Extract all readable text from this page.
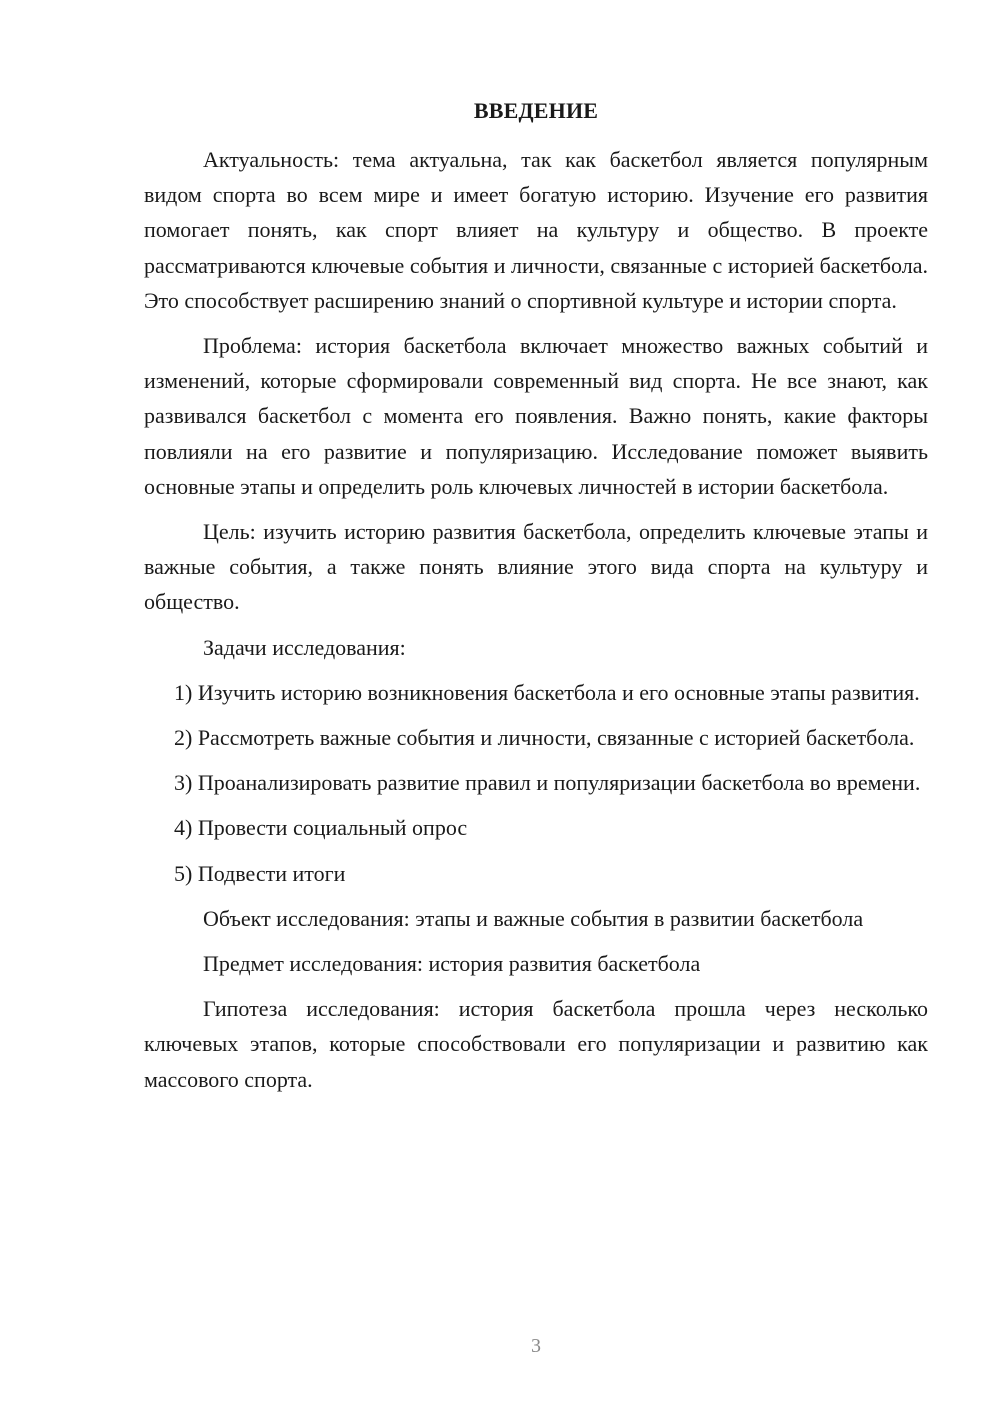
ВВЕДЕНИЕ

Актуальность: тема актуальна, так как баскетбол является популярным видом спорта во всем мире и имеет богатую историю. Изучение его развития помогает понять, как спорт влияет на культуру и общество. В проекте рассматриваются ключевые события и личности, связанные с историей баскетбола. Это способствует расширению знаний о спортивной культуре и истории спорта.

Проблема: история баскетбола включает множество важных событий и изменений, которые сформировали современный вид спорта. Не все знают, как развивался баскетбол с момента его появления. Важно понять, какие факторы повлияли на его развитие и популяризацию. Исследование поможет выявить основные этапы и определить роль ключевых личностей в истории баскетбола.

Цель: изучить историю развития баскетбола, определить ключевые этапы и важные события, а также понять влияние этого вида спорта на культуру и общество.

Задачи исследования:

1) Изучить историю возникновения баскетбола и его основные этапы развития.

2) Рассмотреть важные события и личности, связанные с историей баскетбола.

3) Проанализировать развитие правил и популяризации баскетбола во времени.

4) Провести социальный опрос

5) Подвести итоги

Объект исследования: этапы и важные события в развитии баскетбола

Предмет исследования: история развития баскетбола

Гипотеза исследования: история баскетбола прошла через несколько ключевых этапов, которые способствовали его популяризации и развитию как массового спорта.

3
